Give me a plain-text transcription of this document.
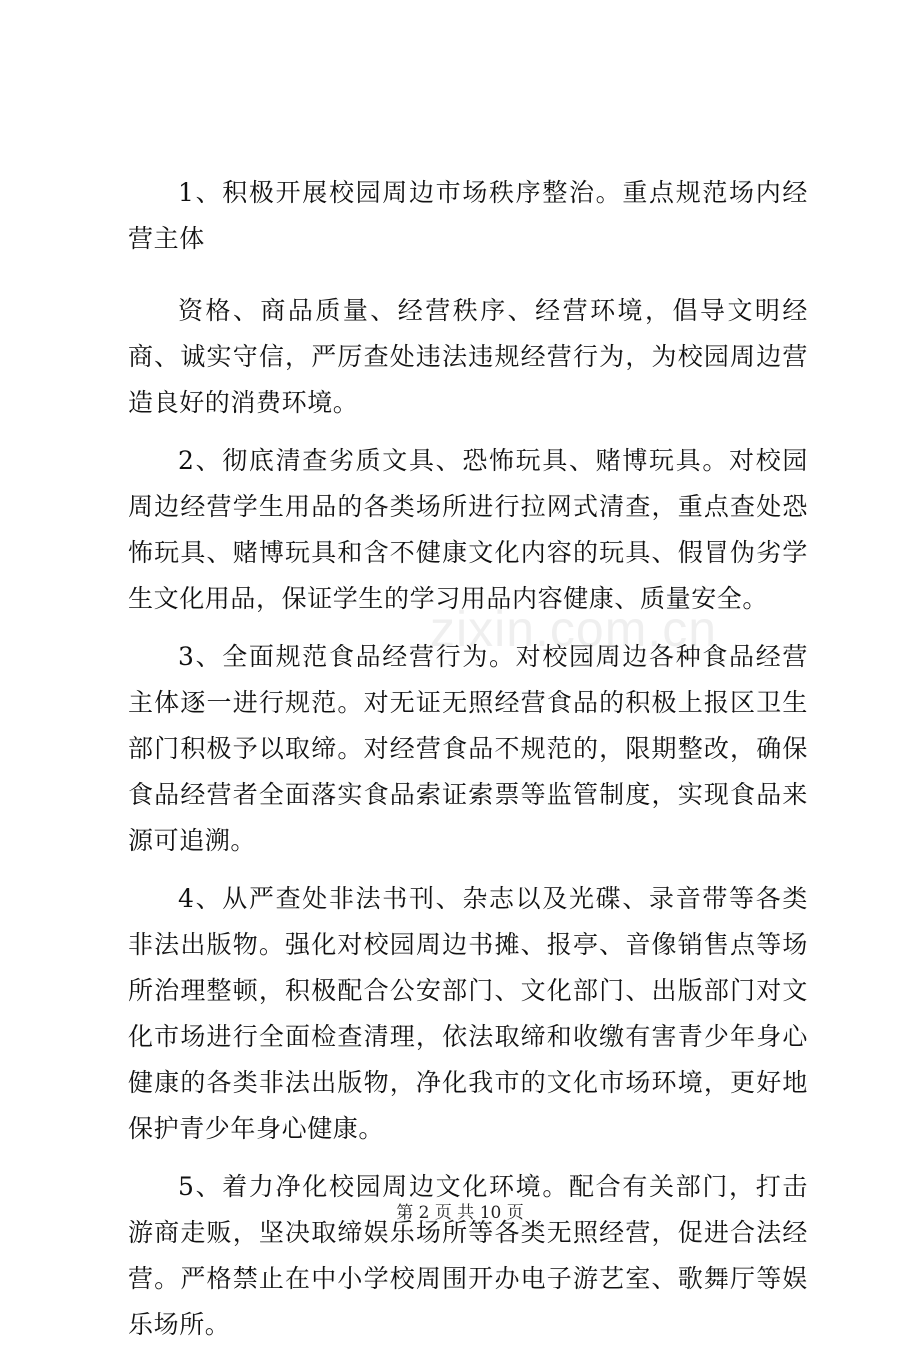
1、积极开展校园周边市场秩序整治。重点规范场内经营主体

资格、商品质量、经营秩序、经营环境，倡导文明经商、诚实守信，严厉查处违法违规经营行为，为校园周边营造良好的消费环境。

2、彻底清查劣质文具、恐怖玩具、赌博玩具。对校园周边经营学生用品的各类场所进行拉网式清查，重点查处恐怖玩具、赌博玩具和含不健康文化内容的玩具、假冒伪劣学生文化用品，保证学生的学习用品内容健康、质量安全。

3、全面规范食品经营行为。对校园周边各种食品经营主体逐一进行规范。对无证无照经营食品的积极上报区卫生部门积极予以取缔。对经营食品不规范的，限期整改，确保食品经营者全面落实食品索证索票等监管制度，实现食品来源可追溯。

4、从严查处非法书刊、杂志以及光碟、录音带等各类非法出版物。强化对校园周边书摊、报亭、音像销售点等场所治理整顿，积极配合公安部门、文化部门、出版部门对文化市场进行全面检查清理，依法取缔和收缴有害青少年身心健康的各类非法出版物，净化我市的文化市场环境，更好地保护青少年身心健康。

5、着力净化校园周边文化环境。配合有关部门，打击游商走贩，坚决取缔娱乐场所等各类无照经营，促进合法经营。严格禁止在中小学校周围开办电子游艺室、歌舞厅等娱乐场所。

zixin.com.cn
第 2 页 共 10 页
